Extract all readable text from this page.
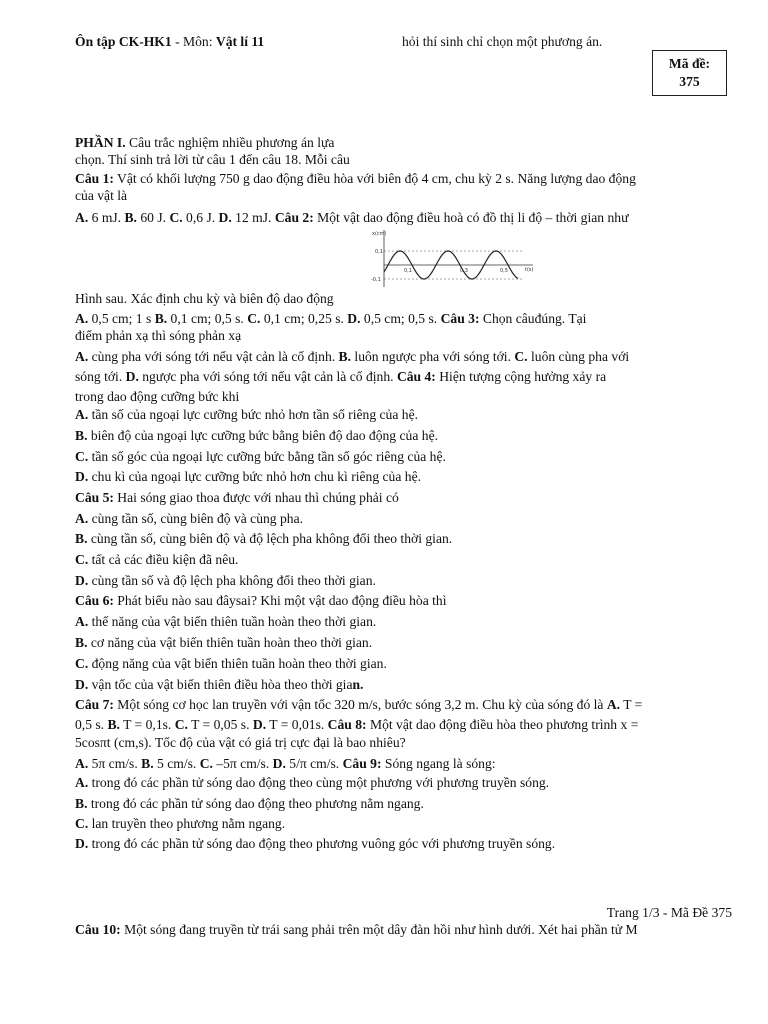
Ôn tập CK-HK1 - Môn: Vật lí 11	hỏi thí sinh chỉ chọn một phương án.
Mã đề:
375
PHẦN I. Câu trắc nghiệm nhiều phương án lựa
chọn. Thí sinh trả lời từ câu 1 đến câu 18. Mỗi câu
x(cm)
0,1
-0,1
t(s)
0,1	0,3	0,5
Câu 1: Vật có khối lượng 750 g dao động điều hòa với biên độ 4 cm, chu kỳ 2 s. Năng lượng dao động
của vật là
A. 6 mJ. B. 60 J. C. 0,6 J. D. 12 mJ. Câu 2: Một vật dao động điều hoà có đồ thị li độ – thời gian như
Hình sau. Xác định chu kỳ và biên độ dao động
A. 0,5 cm; 1 s B. 0,1 cm; 0,5 s. C. 0,1 cm; 0,25 s. D. 0,5 cm; 0,5 s. Câu 3: Chọn câuđúng. Tại
điểm phản xạ thì sóng phản xạ
A. cùng pha với sóng tới nếu vật cản là cố định. B. luôn ngược pha với sóng tới. C. luôn cùng pha với
sóng tới. D. ngược pha với sóng tới nếu vật cản là cố định. Câu 4: Hiện tượng cộng hưởng xảy ra
trong dao động cưỡng bức khi
A. tần số của ngoại lực cưỡng bức nhỏ hơn tần số riêng của hệ.
B. biên độ của ngoại lực cưỡng bức bằng biên độ dao động của hệ.
C. tần số góc của ngoại lực cưỡng bức bằng tần số góc riêng của hệ.
D. chu kì của ngoại lực cưỡng bức nhỏ hơn chu kì riêng của hệ.
Câu 5: Hai sóng giao thoa được với nhau thì chúng phải có
A. cùng tần số, cùng biên độ và cùng pha.
B. cùng tần số, cùng biên độ và độ lệch pha không đổi theo thời gian.
C. tất cả các điều kiện đã nêu.
D. cùng tần số và độ lệch pha không đổi theo thời gian.
Câu 6: Phát biểu nào sau đâysai? Khi một vật dao động điều hòa thì
A. thế năng của vật biến thiên tuần hoàn theo thời gian.
B. cơ năng của vật biến thiên tuần hoàn theo thời gian.
C. động năng của vật biến thiên tuần hoàn theo thời gian.
D. vận tốc của vật biến thiên điều hòa theo thời gian.
Câu 7: Một sóng cơ học lan truyền với vận tốc 320 m/s, bước sóng 3,2 m. Chu kỳ của sóng đó là A. T =
0,5 s. B. T = 0,1s. C. T = 0,05 s. D. T = 0,01s. Câu 8: Một vật dao động điều hòa theo phương trình x =
5cosπt (cm,s). Tốc độ của vật có giá trị cực đại là bao nhiêu?
A. 5π cm/s. B. 5 cm/s. C. –5π cm/s. D. 5/π cm/s. Câu 9: Sóng ngang là sóng:
A. trong đó các phần tử sóng dao động theo cùng một phương với phương truyền sóng.
B. trong đó các phần tử sóng dao động theo phương nằm ngang.
C. lan truyền theo phương nằm ngang.
D. trong đó các phần tử sóng dao động theo phương vuông góc với phương truyền sóng.
Câu 10: Một sóng đang truyền từ trái sang phải trên một dây đàn hồi như hình dưới. Xét hai phần tử M
Trang 1/3 - Mã Đề 375
